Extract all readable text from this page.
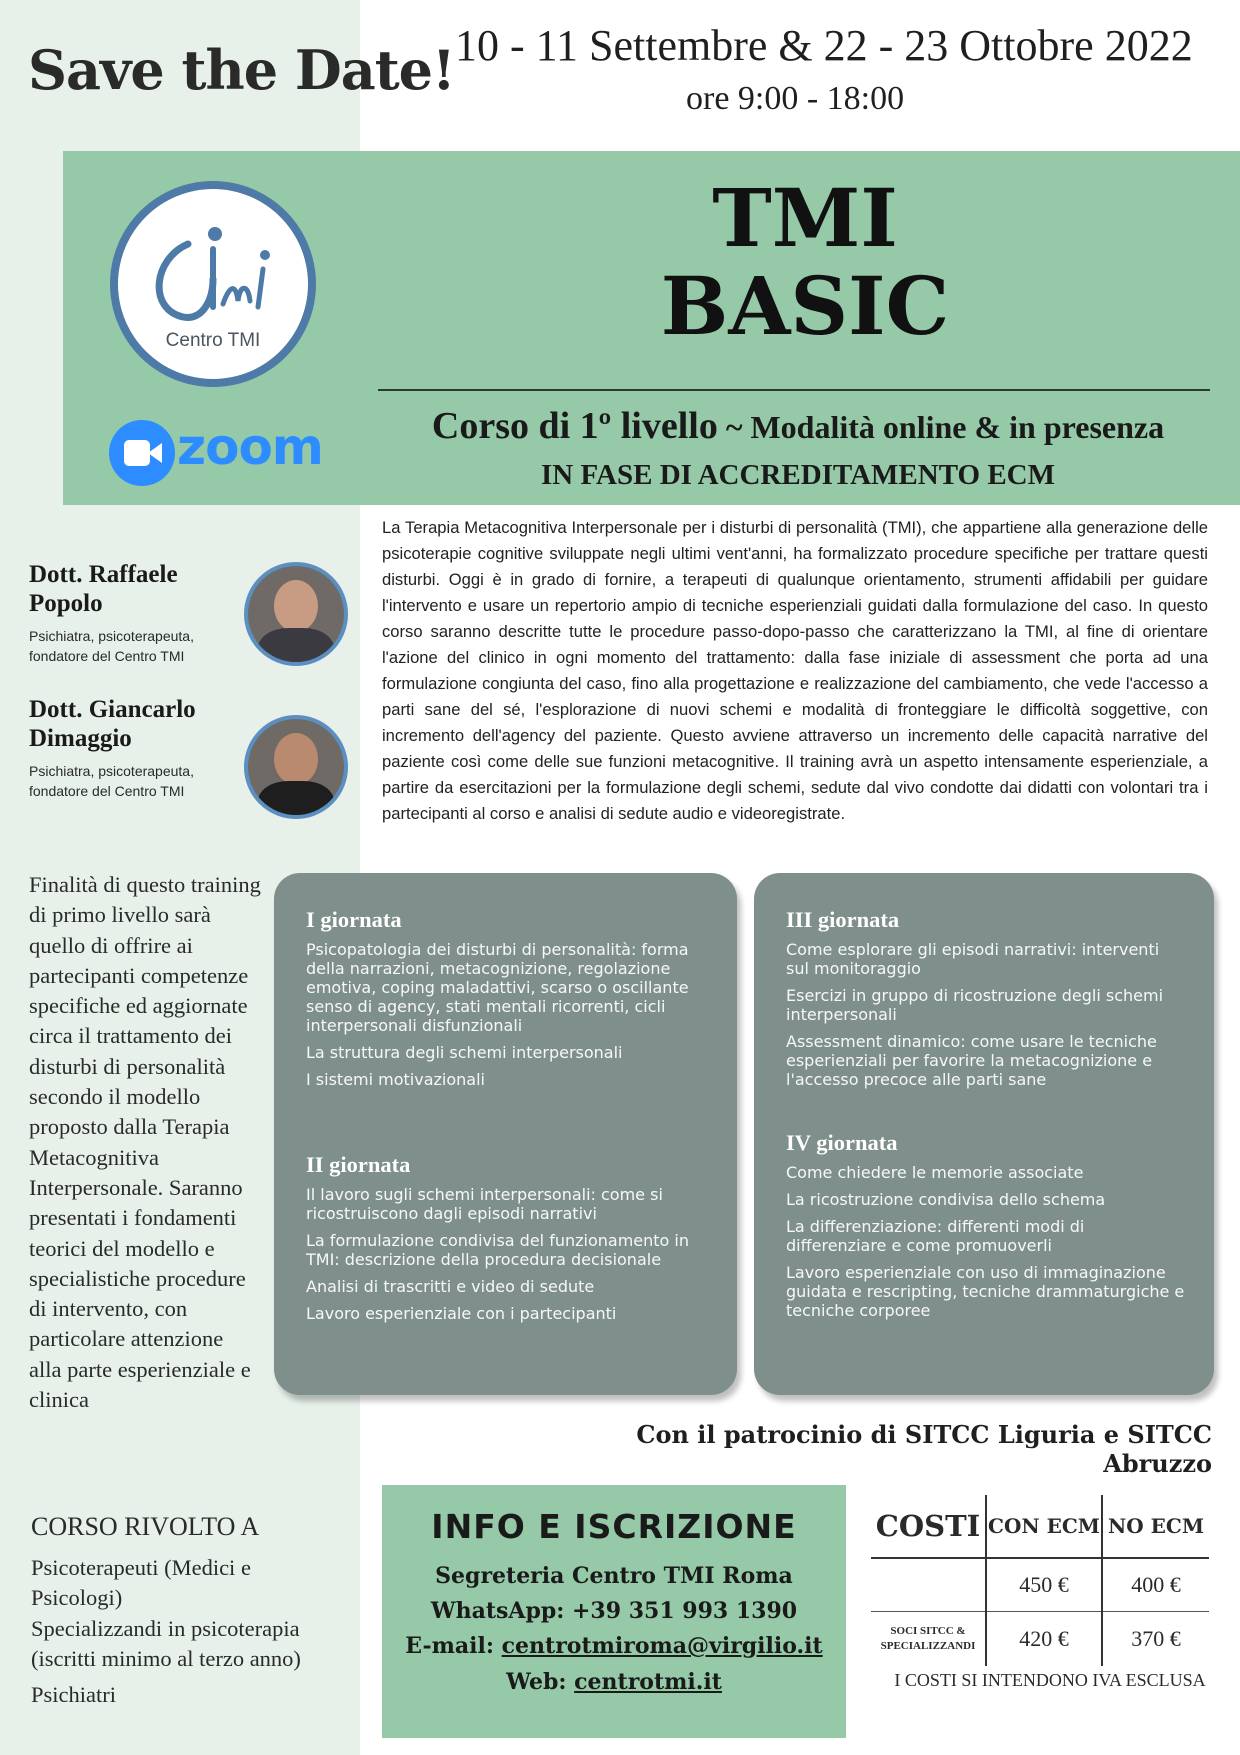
Save the Date! 10 - 11 Settembre & 22 - 23 Ottobre 2022
ore 9:00 - 18:00
Centro TMI
zoom
TMI
BASIC
Corso di 1º livello ~ Modalità online & in presenza
IN FASE DI ACCREDITAMENTO ECM
Dott. Raffaele
Popolo
Psichiatra, psicoterapeuta,
fondatore del Centro TMI
Dott. Giancarlo
Dimaggio
Psichiatra, psicoterapeuta,
fondatore del Centro TMI
La Terapia Metacognitiva Interpersonale per i disturbi di personalità (TMI), che appartiene alla generazione delle psicoterapie cognitive sviluppate negli ultimi vent'anni, ha formalizzato procedure specifiche per trattare questi disturbi. Oggi è in grado di fornire, a terapeuti di qualunque orientamento, strumenti affidabili per guidare l'intervento e usare un repertorio ampio di tecniche esperienziali guidati dalla formulazione del caso. In questo corso saranno descritte tutte le procedure passo-dopo-passo che caratterizzano la TMI, al fine di orientare l'azione del clinico in ogni momento del trattamento: dalla fase iniziale di assessment che porta ad una formulazione congiunta del caso, fino alla progettazione e realizzazione del cambiamento, che vede l'accesso a parti sane del sé, l'esplorazione di nuovi schemi e modalità di fronteggiare le difficoltà soggettive, con incremento dell'agency del paziente. Questo avviene attraverso un incremento delle capacità narrative del paziente così come delle sue funzioni metacognitive. Il training avrà un aspetto intensamente esperienziale, a partire da esercitazioni per la formulazione degli schemi, sedute dal vivo condotte dai didatti con volontari tra i partecipanti al corso e analisi di sedute audio e videoregistrate.
Finalità di questo training di primo livello sarà quello di offrire ai partecipanti competenze specifiche ed aggiornate circa il trattamento dei disturbi di personalità secondo il modello proposto dalla Terapia Metacognitiva Interpersonale. Saranno presentati i fondamenti teorici del modello e specialistiche procedure di intervento, con particolare attenzione alla parte esperienziale e clinica
I giornata
Psicopatologia dei disturbi di personalità: forma della narrazioni, metacognizione, regolazione emotiva, coping maladattivi, scarso o oscillante senso di agency, stati mentali ricorrenti, cicli interpersonali disfunzionali
La struttura degli schemi interpersonali
I sistemi motivazionali
II giornata
Il lavoro sugli schemi interpersonali: come si ricostruiscono dagli episodi narrativi
La formulazione condivisa del funzionamento in TMI: descrizione della procedura decisionale
Analisi di trascritti e video di sedute
Lavoro esperienziale con i partecipanti
III giornata
Come esplorare gli episodi narrativi: interventi sul monitoraggio
Esercizi in gruppo di ricostruzione degli schemi interpersonali
Assessment dinamico: come usare le tecniche esperienziali per favorire la metacognizione e l'accesso precoce alle parti sane
IV giornata
Come chiedere le memorie associate
La ricostruzione condivisa dello schema
La differenziazione: differenti modi di differenziare e come promuoverli
Lavoro esperienziale con uso di immaginazione guidata e rescripting, tecniche drammaturgiche e tecniche corporee
Con il patrocinio di SITCC Liguria e SITCC Abruzzo
CORSO RIVOLTO A
Psicoterapeuti (Medici e Psicologi)
Specializzandi in psicoterapia (iscritti minimo al terzo anno)
Psichiatri
INFO E ISCRIZIONE
Segreteria Centro TMI Roma
WhatsApp: +39 351 993 1390
E-mail: centrotmiroma@virgilio.it
Web: centrotmi.it
COSTI	CON ECM	NO ECM
	450 €	400 €

SOCI SITCC &
SPECIALIZZANDI	420 €	370 €
I COSTI SI INTENDONO IVA ESCLUSA
